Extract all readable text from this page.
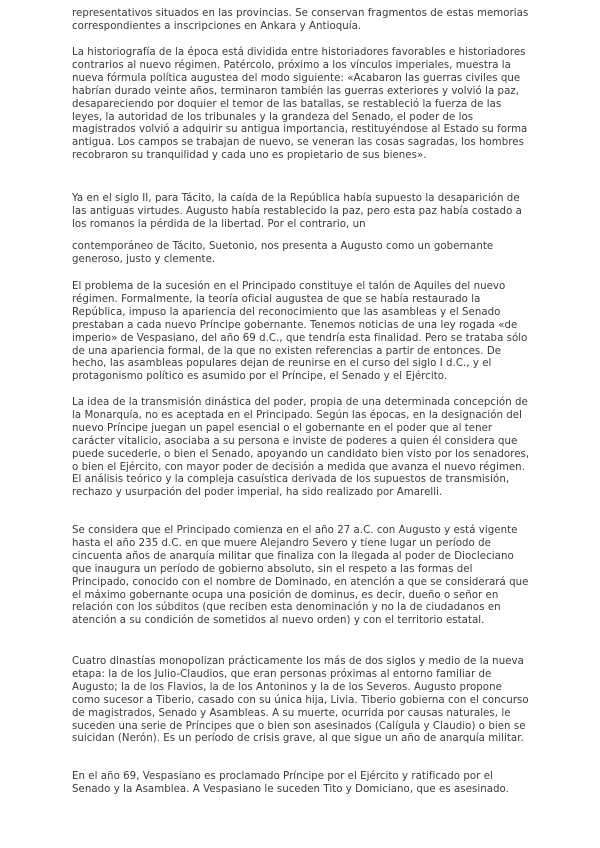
representativos situados en las provincias. Se conservan fragmentos de estas memorias correspondientes a inscripciones en Ankara y Antioquía.

La historiografía de la época está dividida entre historiadores favorables e historiadores contrarios al nuevo régimen. Patércolo, próximo a los vínculos imperiales, muestra la nueva fórmula política augustea del modo siguiente: «Acabaron las guerras civiles que habrían durado veinte años, terminaron también las guerras exteriores y volvió la paz, desapareciendo por doquier el temor de las batallas, se restableció la fuerza de las leyes, la autoridad de los tribunales y la grandeza del Senado, el poder de los magistrados volvió a adquirir su antigua importancia, restituyéndose al Estado su forma antigua. Los campos se trabajan de nuevo, se veneran las cosas sagradas, los hombres recobraron su tranquilidad y cada uno es propietario de sus bienes».

Ya en el siglo II, para Tácito, la caída de la República había supuesto la desaparición de las antiguas virtudes. Augusto había restablecido la paz, pero esta paz había costado a los romanos la pérdida de la libertad. Por el contrario, un

contemporáneo de Tácito, Suetonio, nos presenta a Augusto como un gobernante generoso, justo y clemente.

El problema de la sucesión en el Principado constituye el talón de Aquiles del nuevo régimen. Formalmente, la teoría oficial augustea de que se había restaurado la República, impuso la apariencia del reconocimiento que las asambleas y el Senado prestaban a cada nuevo Príncipe gobernante. Tenemos noticias de una ley rogada «de imperio» de Vespasiano, del año 69 d.C., que tendría esta finalidad. Pero se trataba sólo de una apariencia formal, de la que no existen referencias a partir de entonces. De hecho, las asambleas populares dejan de reunirse en el curso del siglo I d.C., y el protagonismo político es asumido por el Príncipe, el Senado y el Ejército.

La idea de la transmisión dinástica del poder, propia de una determinada concepción de la Monarquía, no es aceptada en el Principado. Según las épocas, en la designación del nuevo Príncipe juegan un papel esencial o el gobernante en el poder que al tener carácter vitalicio, asociaba a su persona e inviste de poderes a quien él considera que puede sucederle, o bien el Senado, apoyando un candidato bien visto por los senadores, o bien el Ejército, con mayor poder de decisión a medida que avanza el nuevo régimen. El análisis teórico y la compleja casuística derivada de los supuestos de transmisión, rechazo y usurpación del poder imperial, ha sido realizado por Amarelli.

Se considera que el Principado comienza en el año 27 a.C. con Augusto y está vigente hasta el año 235 d.C. en que muere Alejandro Severo y tiene lugar un período de cincuenta años de anarquía militar que finaliza con la llegada al poder de Diocleciano que inaugura un período de gobierno absoluto, sin el respeto a las formas del Principado, conocido con el nombre de Dominado, en atención a que se considerará que el máximo gobernante ocupa una posición de dominus, es decir, dueño o señor en relación con los súbditos (que reciben esta denominación y no la de ciudadanos en atención a su condición de sometidos al nuevo orden) y con el territorio estatal.

Cuatro dinastías monopolizan prácticamente los más de dos siglos y medio de la nueva etapa: la de los Julio-Claudios, que eran personas próximas al entorno familiar de Augusto; la de los Flavios, la de los Antoninos y la de los Severos. Augusto propone como sucesor a Tiberio, casado con su única hija, Livia. Tiberio gobierna con el concurso de magistrados, Senado y Asambleas. A su muerte, ocurrida por causas naturales, le suceden una serie de Príncipes que o bien son asesinados (Calígula y Claudio) o bien se suicidan (Nerón). Es un período de crisis grave, al que sigue un año de anarquía militar.

En el año 69, Vespasiano es proclamado Príncipe por el Ejército y ratificado por el Senado y la Asamblea. A Vespasiano le suceden Tito y Domiciano, que es asesinado.
